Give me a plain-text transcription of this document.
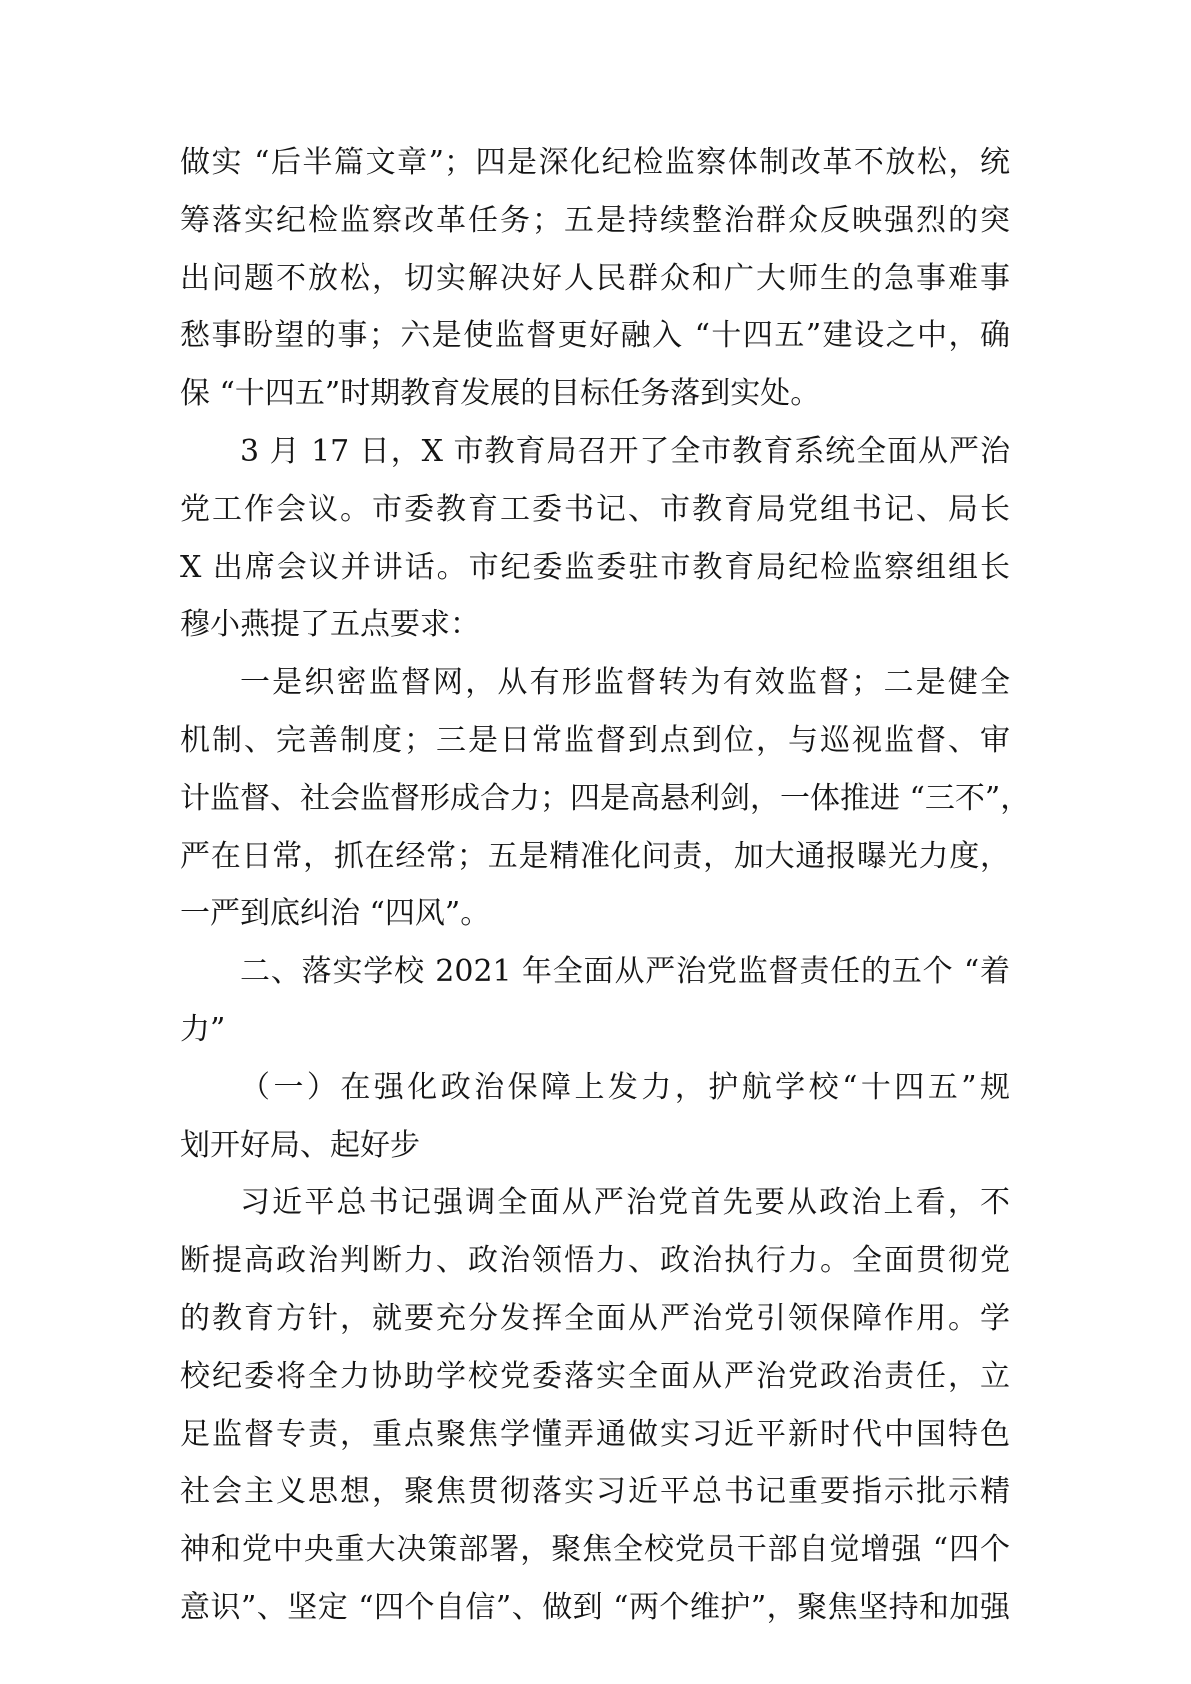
做实 “后半篇文章”；四是深化纪检监察体制改革不放松，统
筹落实纪检监察改革任务；五是持续整治群众反映强烈的突
出问题不放松，切实解决好人民群众和广大师生的急事难事
愁事盼望的事；六是使监督更好融入 “十四五”建设之中，确
保 “十四五”时期教育发展的目标任务落到实处。
3 月 17 日，X 市教育局召开了全市教育系统全面从严治
党工作会议。市委教育工委书记、市教育局党组书记、局长
X 出席会议并讲话。市纪委监委驻市教育局纪检监察组组长
穆小燕提了五点要求：
一是织密监督网，从有形监督转为有效监督；二是健全
机制、完善制度；三是日常监督到点到位，与巡视监督、审
计监督、社会监督形成合力；四是高悬利剑，一体推进 “三不”，
严在日常，抓在经常；五是精准化问责，加大通报曝光力度，
一严到底纠治 “四风”。
二、落实学校 2021 年全面从严治党监督责任的五个 “着
力”
（一）在强化政治保障上发力，护航学校“十四五”规
划开好局、起好步
习近平总书记强调全面从严治党首先要从政治上看，不
断提高政治判断力、政治领悟力、政治执行力。全面贯彻党
的教育方针，就要充分发挥全面从严治党引领保障作用。学
校纪委将全力协助学校党委落实全面从严治党政治责任，立
足监督专责，重点聚焦学懂弄通做实习近平新时代中国特色
社会主义思想，聚焦贯彻落实习近平总书记重要指示批示精
神和党中央重大决策部署，聚焦全校党员干部自觉增强 “四个
意识”、坚定 “四个自信”、做到 “两个维护”，聚焦坚持和加强
